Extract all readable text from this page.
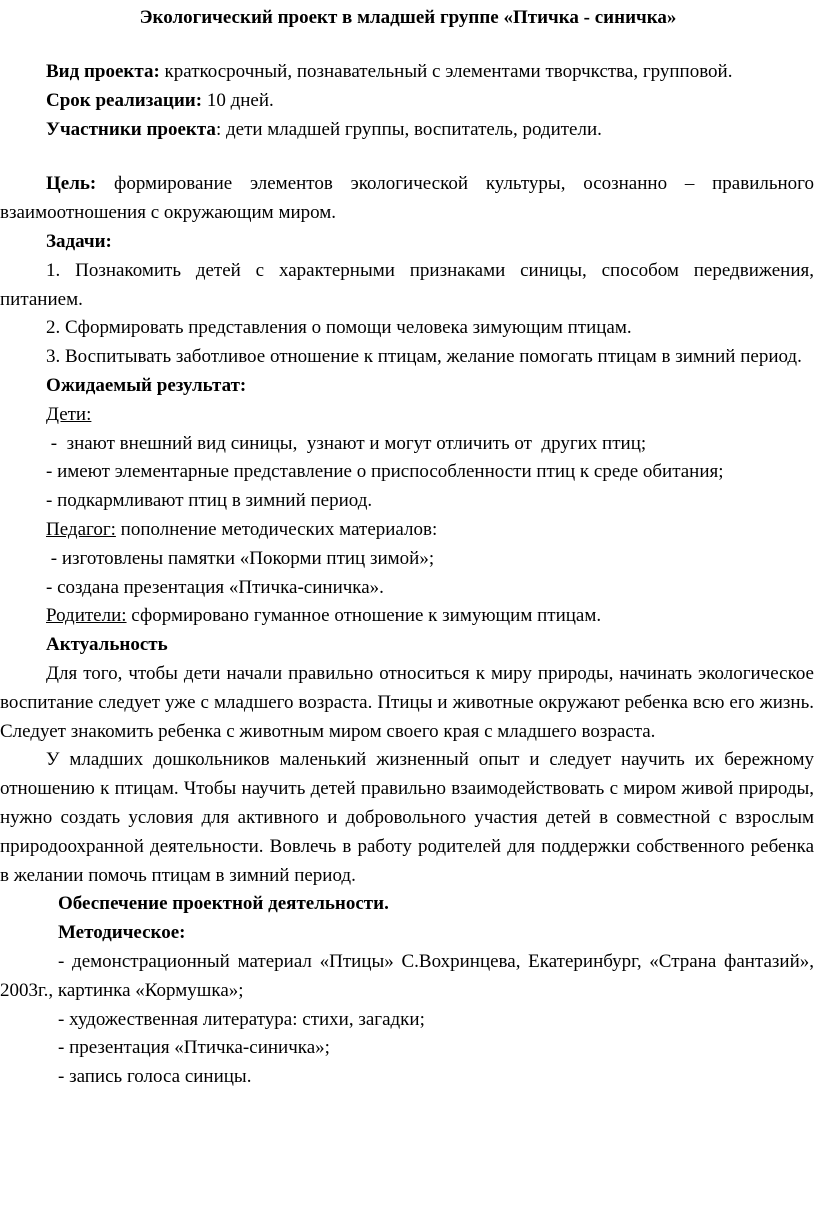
Экологический проект в младшей группе «Птичка - синичка»

Вид проекта: краткосрочный, познавательный с элементами творчкства, групповой.

Срок реализации: 10 дней.

Участники проекта: дети младшей группы, воспитатель, родители.

Цель: формирование элементов экологической культуры, осознанно – правильного взаимоотношения с окружающим миром.

Задачи:

1. Познакомить детей с характерными признаками синицы, способом передвижения, питанием.

2. Сформировать представления о помощи человека зимующим птицам.

3. Воспитывать заботливое отношение к птицам, желание помогать птицам в зимний период.

Ожидаемый результат:

Дети:

-  знают внешний вид синицы,  узнают и могут отличить от  других птиц;

- имеют элементарные представление о приспособленности птиц к среде обитания;

- подкармливают птиц в зимний период.

Педагог: пополнение методических материалов:

- изготовлены памятки «Покорми птиц зимой»;

- создана презентация «Птичка-синичка».

Родители: сформировано гуманное отношение к зимующим птицам.

Актуальность

Для того, чтобы дети начали правильно относиться к миру природы, начинать экологическое воспитание следует уже с младшего возраста. Птицы и животные окружают ребенка всю его жизнь. Следует знакомить ребенка с животным миром своего края с младшего возраста.

У младших дошкольников маленький жизненный опыт и следует научить их бережному отношению к птицам. Чтобы научить детей правильно взаимодействовать с миром живой природы, нужно создать условия для активного и добровольного участия детей в совместной с взрослым природоохранной деятельности. Вовлечь в работу родителей для поддержки собственного ребенка в желании помочь птицам в зимний период.

Обеспечение проектной деятельности.

Методическое:

- демонстрационный материал «Птицы» С.Вохринцева, Екатеринбург, «Страна фантазий», 2003г., картинка «Кормушка»;

- художественная литература: стихи, загадки;

- презентация «Птичка-синичка»;

- запись голоса синицы.
